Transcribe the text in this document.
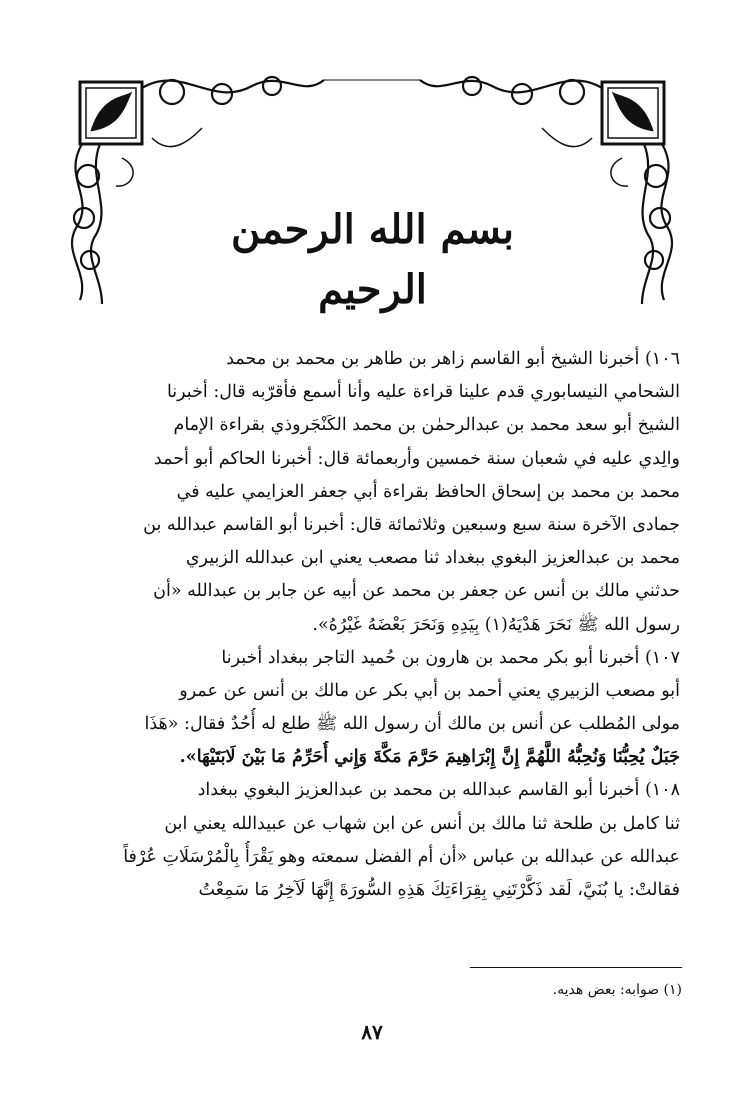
بسم الله الرحمن الرحيم
١٠٦) أخبرنا الشيخ أبو القاسم زاهر بن طاهر بن محمد بن محمد
الشحامي النيسابوري قدم علينا قراءة عليه وأنا أسمع فأقرّبه قال: أخبرنا
الشيخ أبو سعد محمد بن عبدالرحمٰن بن محمد الكَنْجَروذي بقراءة الإمام
والِدي عليه في شعبان سنة خمسين وأربعمائة قال: أخبرنا الحاكم أبو أحمد
محمد بن محمد بن إسحاق الحافظ بقراءة أبي جعفر العزايمي عليه في
جمادى الآخرة سنة سبع وسبعين وثلاثمائة قال: أخبرنا أبو القاسم عبدالله بن
محمد بن عبدالعزيز البغوي ببغداد ثنا مصعب يعني ابن عبدالله الزبيري
حدثني مالك بن أنس عن جعفر بن محمد عن أبيه عن جابر بن عبدالله «أن
رسول الله ﷺ نَحَرَ هَدْيَهُ(١) بِيَدِهِ وَنَحَرَ بَعْضَهُ غَيْرُهُ».
١٠٧) أخبرنا أبو بكر محمد بن هارون بن حُميد التاجر ببغداد أخبرنا
أبو مصعب الزبيري يعني أحمد بن أبي بكر عن مالك بن أنس عن عمرو
مولى المُطلب عن أنس بن مالك أن رسول الله ﷺ طلع له أُحُدٌ فقال: «هَذَا
جَبَلٌ يُحِبُّنَا وَنُحِبُّهُ اللَّهُمَّ إِنَّ إِبْرَاهِيمَ حَرَّمَ مَكَّةَ وَإِني أُحَرِّمُ مَا بَيْنَ لَابَتَيْهَا».
١٠٨) أخبرنا أبو القاسم عبدالله بن محمد بن عبدالعزيز البغوي ببغداد
ثنا كامل بن طلحة ثنا مالك بن أنس عن ابن شهاب عن عبيدالله يعني ابن
عبدالله عن عبدالله بن عباس «أن أم الفضل سمعته وهو يَقْرَأُ بِالْمُرْسَلَاتِ عُرْفاً
فقالتْ: يا بُنَيَّ، لَقد ذَكَّرْتَنِي بِقِرَاءَتِكَ هَذِهِ السُّورَةَ إِنَّهَا لَآخِرُ مَا سَمِعْتُ
(١) صوابه: بعض هديه.
٨٧
